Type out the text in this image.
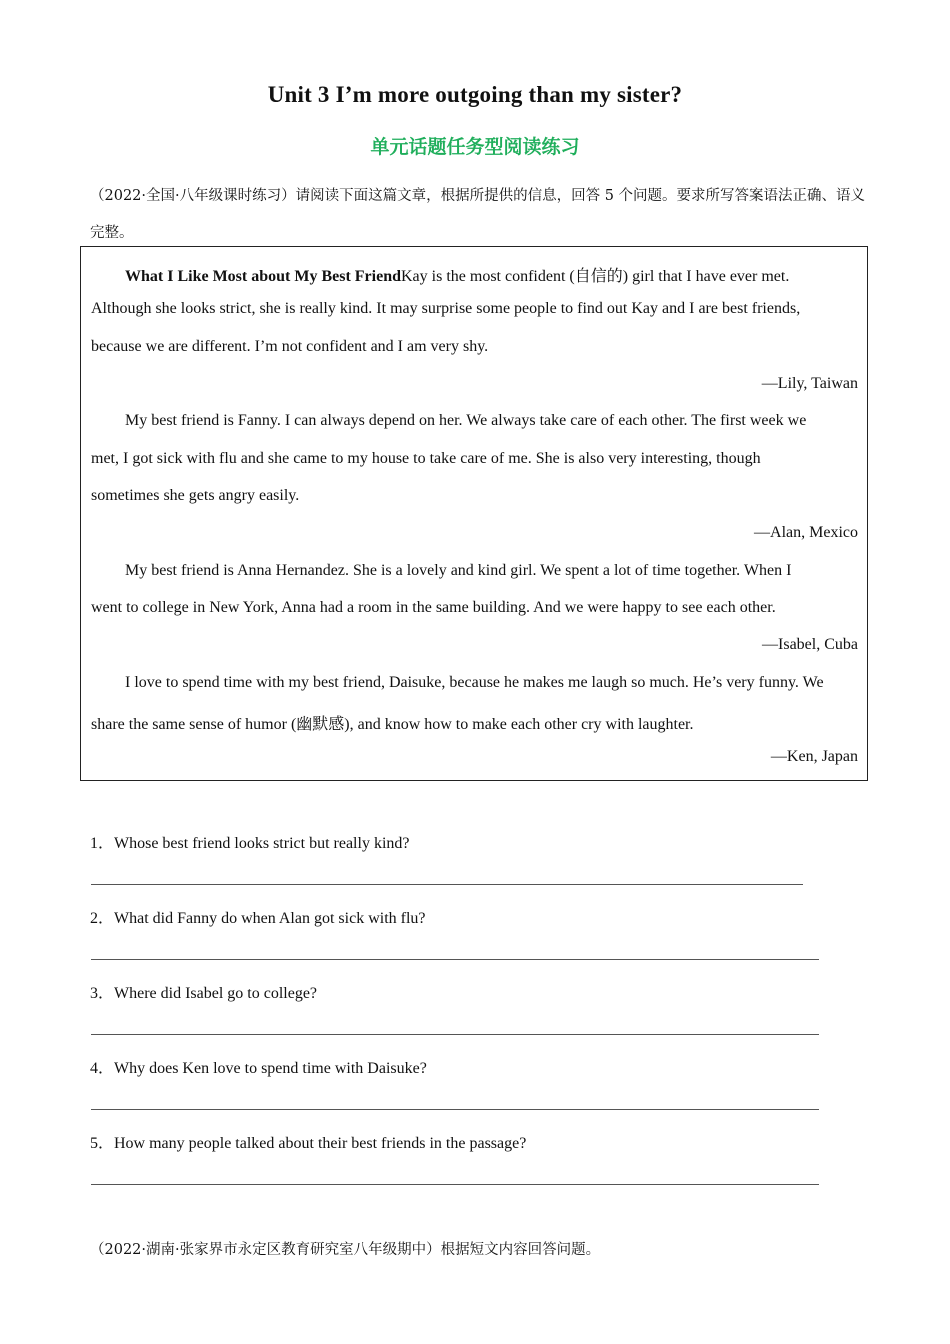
Unit 3 I’m more outgoing than my sister?
单元话题任务型阅读练习
（2022·全国·八年级课时练习）请阅读下面这篇文章，根据所提供的信息，回答 5 个问题。要求所写答案语法正确、语义完整。
What I Like Most about My Best FriendKay is the most confident (自信的) girl that I have ever met.
Although she looks strict, she is really kind. It may surprise some people to find out Kay and I are best friends,
because we are different. I’m not confident and I am very shy.
—Lily, Taiwan
My best friend is Fanny. I can always depend on her. We always take care of each other. The first week we
met, I got sick with flu and she came to my house to take care of me. She is also very interesting, though
sometimes she gets angry easily.
—Alan, Mexico
My best friend is Anna Hernandez. She is a lovely and kind girl. We spent a lot of time together. When I
went to college in New York, Anna had a room in the same building. And we were happy to see each other.
—Isabel, Cuba
I love to spend time with my best friend, Daisuke, because he makes me laugh so much. He’s very funny. We
share the same sense of humor (幽默感), and know how to make each other cry with laughter.
—Ken, Japan
1．Whose best friend looks strict but really kind?
2．What did Fanny do when Alan got sick with flu?
3．Where did Isabel go to college?
4．Why does Ken love to spend time with Daisuke?
5．How many people talked about their best friends in the passage?
（2022·湖南·张家界市永定区教育研究室八年级期中）根据短文内容回答问题。
